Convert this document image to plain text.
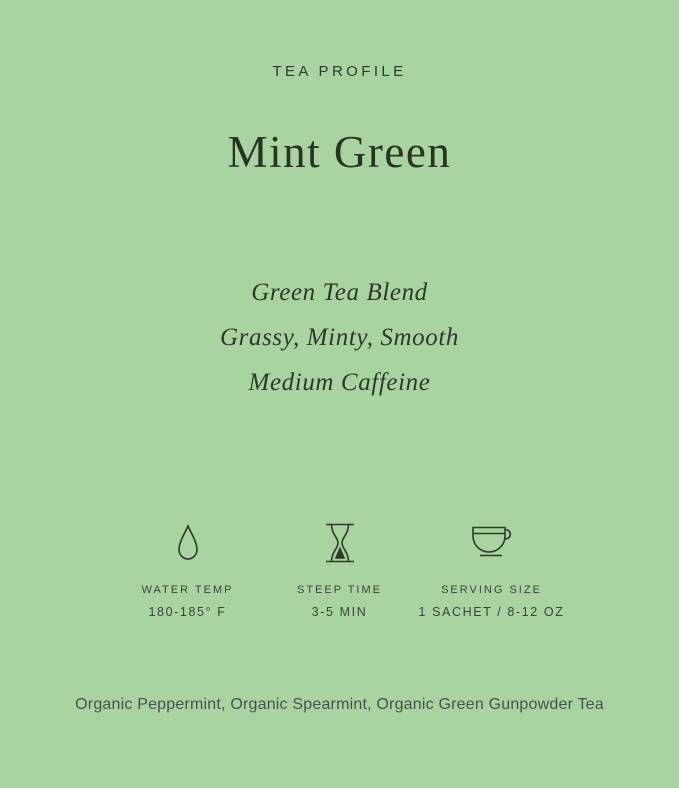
TEA PROFILE
Mint Green
Green Tea Blend
Grassy, Minty, Smooth
Medium Caffeine
WATER TEMP
180-185° F
STEEP TIME
3-5 MIN
SERVING SIZE
1 SACHET / 8-12 OZ
Organic Peppermint, Organic Spearmint, Organic Green Gunpowder Tea
